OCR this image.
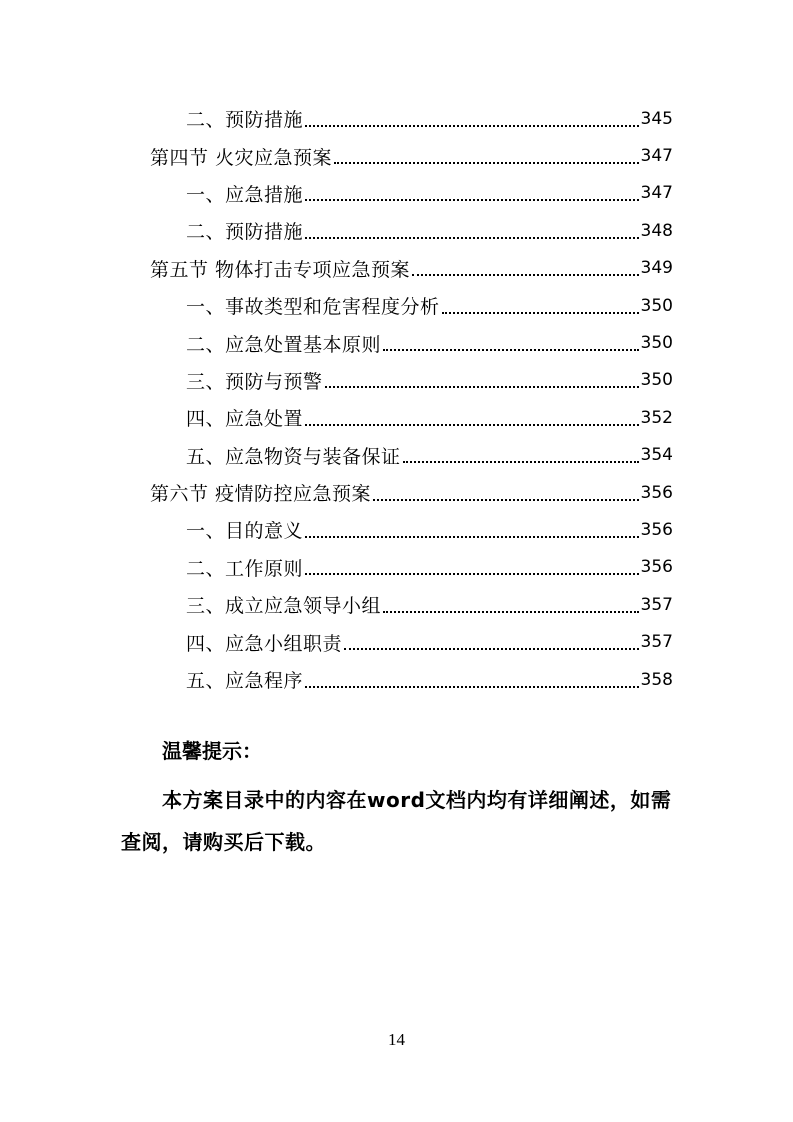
二、预防措施	345
第四节 火灾应急预案	347
一、应急措施	347
二、预防措施	348
第五节 物体打击专项应急预案	349
一、事故类型和危害程度分析	350
二、应急处置基本原则	350
三、预防与预警	350
四、应急处置	352
五、应急物资与装备保证	354
第六节 疫情防控应急预案	356
一、目的意义	356
二、工作原则	356
三、成立应急领导小组	357
四、应急小组职责	357
五、应急程序	358

温馨提示：

本方案目录中的内容在word文档内均有详细阐述，如需查阅，请购买后下载。

14
